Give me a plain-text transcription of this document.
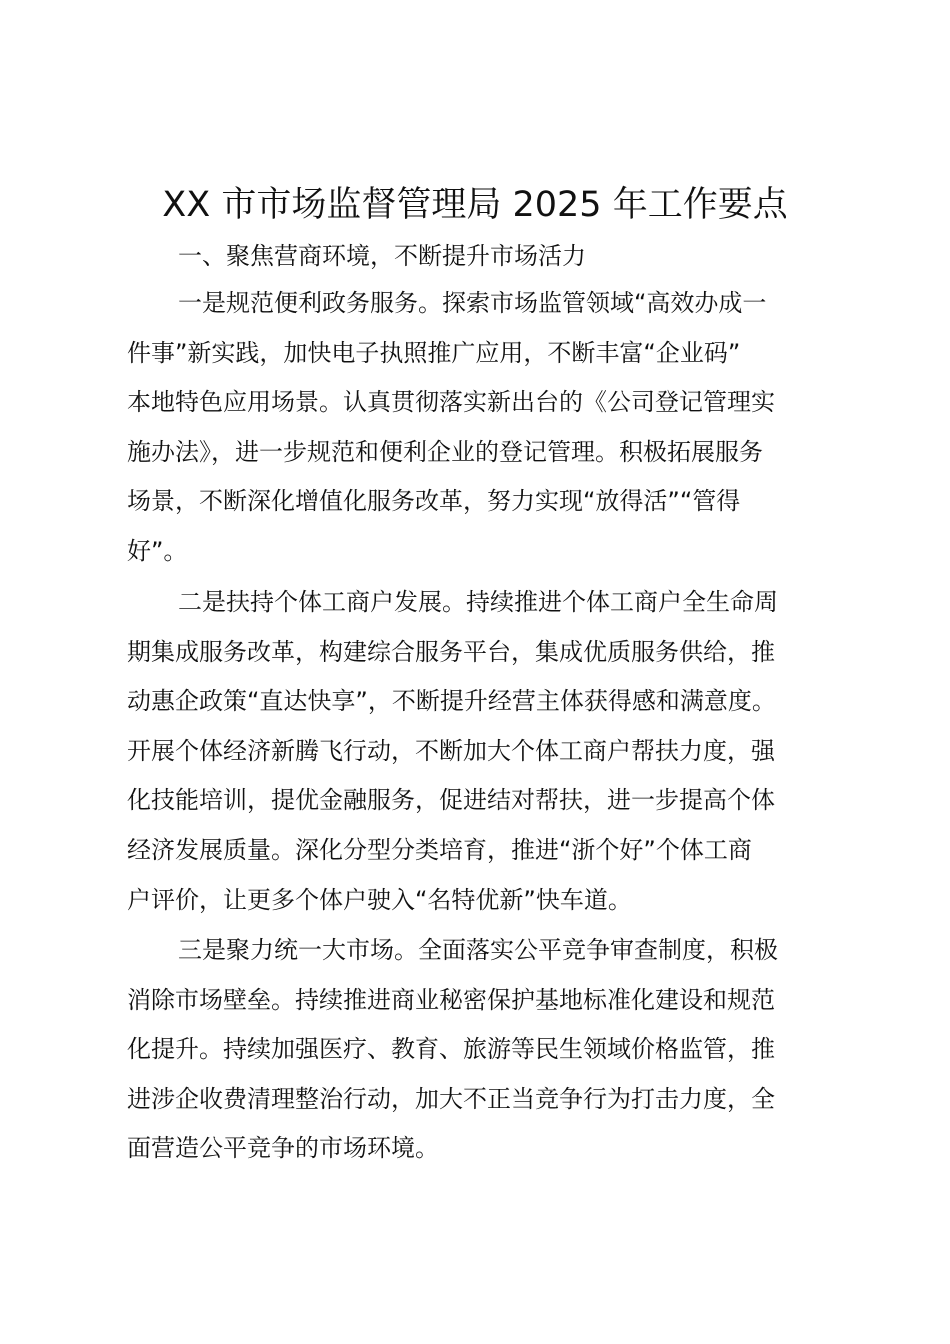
XX 市市场监督管理局 2025 年工作要点
一、聚焦营商环境，不断提升市场活力
一是规范便利政务服务。探索市场监管领域“高效办成一
件事”新实践，加快电子执照推广应用，不断丰富“企业码”
本地特色应用场景。认真贯彻落实新出台的《公司登记管理实
施办法》，进一步规范和便利企业的登记管理。积极拓展服务
场景，不断深化增值化服务改革，努力实现“放得活”“管得
好”。
二是扶持个体工商户发展。持续推进个体工商户全生命周
期集成服务改革，构建综合服务平台，集成优质服务供给，推
动惠企政策“直达快享”，不断提升经营主体获得感和满意度。
开展个体经济新腾飞行动，不断加大个体工商户帮扶力度，强
化技能培训，提优金融服务，促进结对帮扶，进一步提高个体
经济发展质量。深化分型分类培育，推进“浙个好”个体工商
户评价，让更多个体户驶入“名特优新”快车道。
三是聚力统一大市场。全面落实公平竞争审查制度，积极
消除市场壁垒。持续推进商业秘密保护基地标准化建设和规范
化提升。持续加强医疗、教育、旅游等民生领域价格监管，推
进涉企收费清理整治行动，加大不正当竞争行为打击力度，全
面营造公平竞争的市场环境。
